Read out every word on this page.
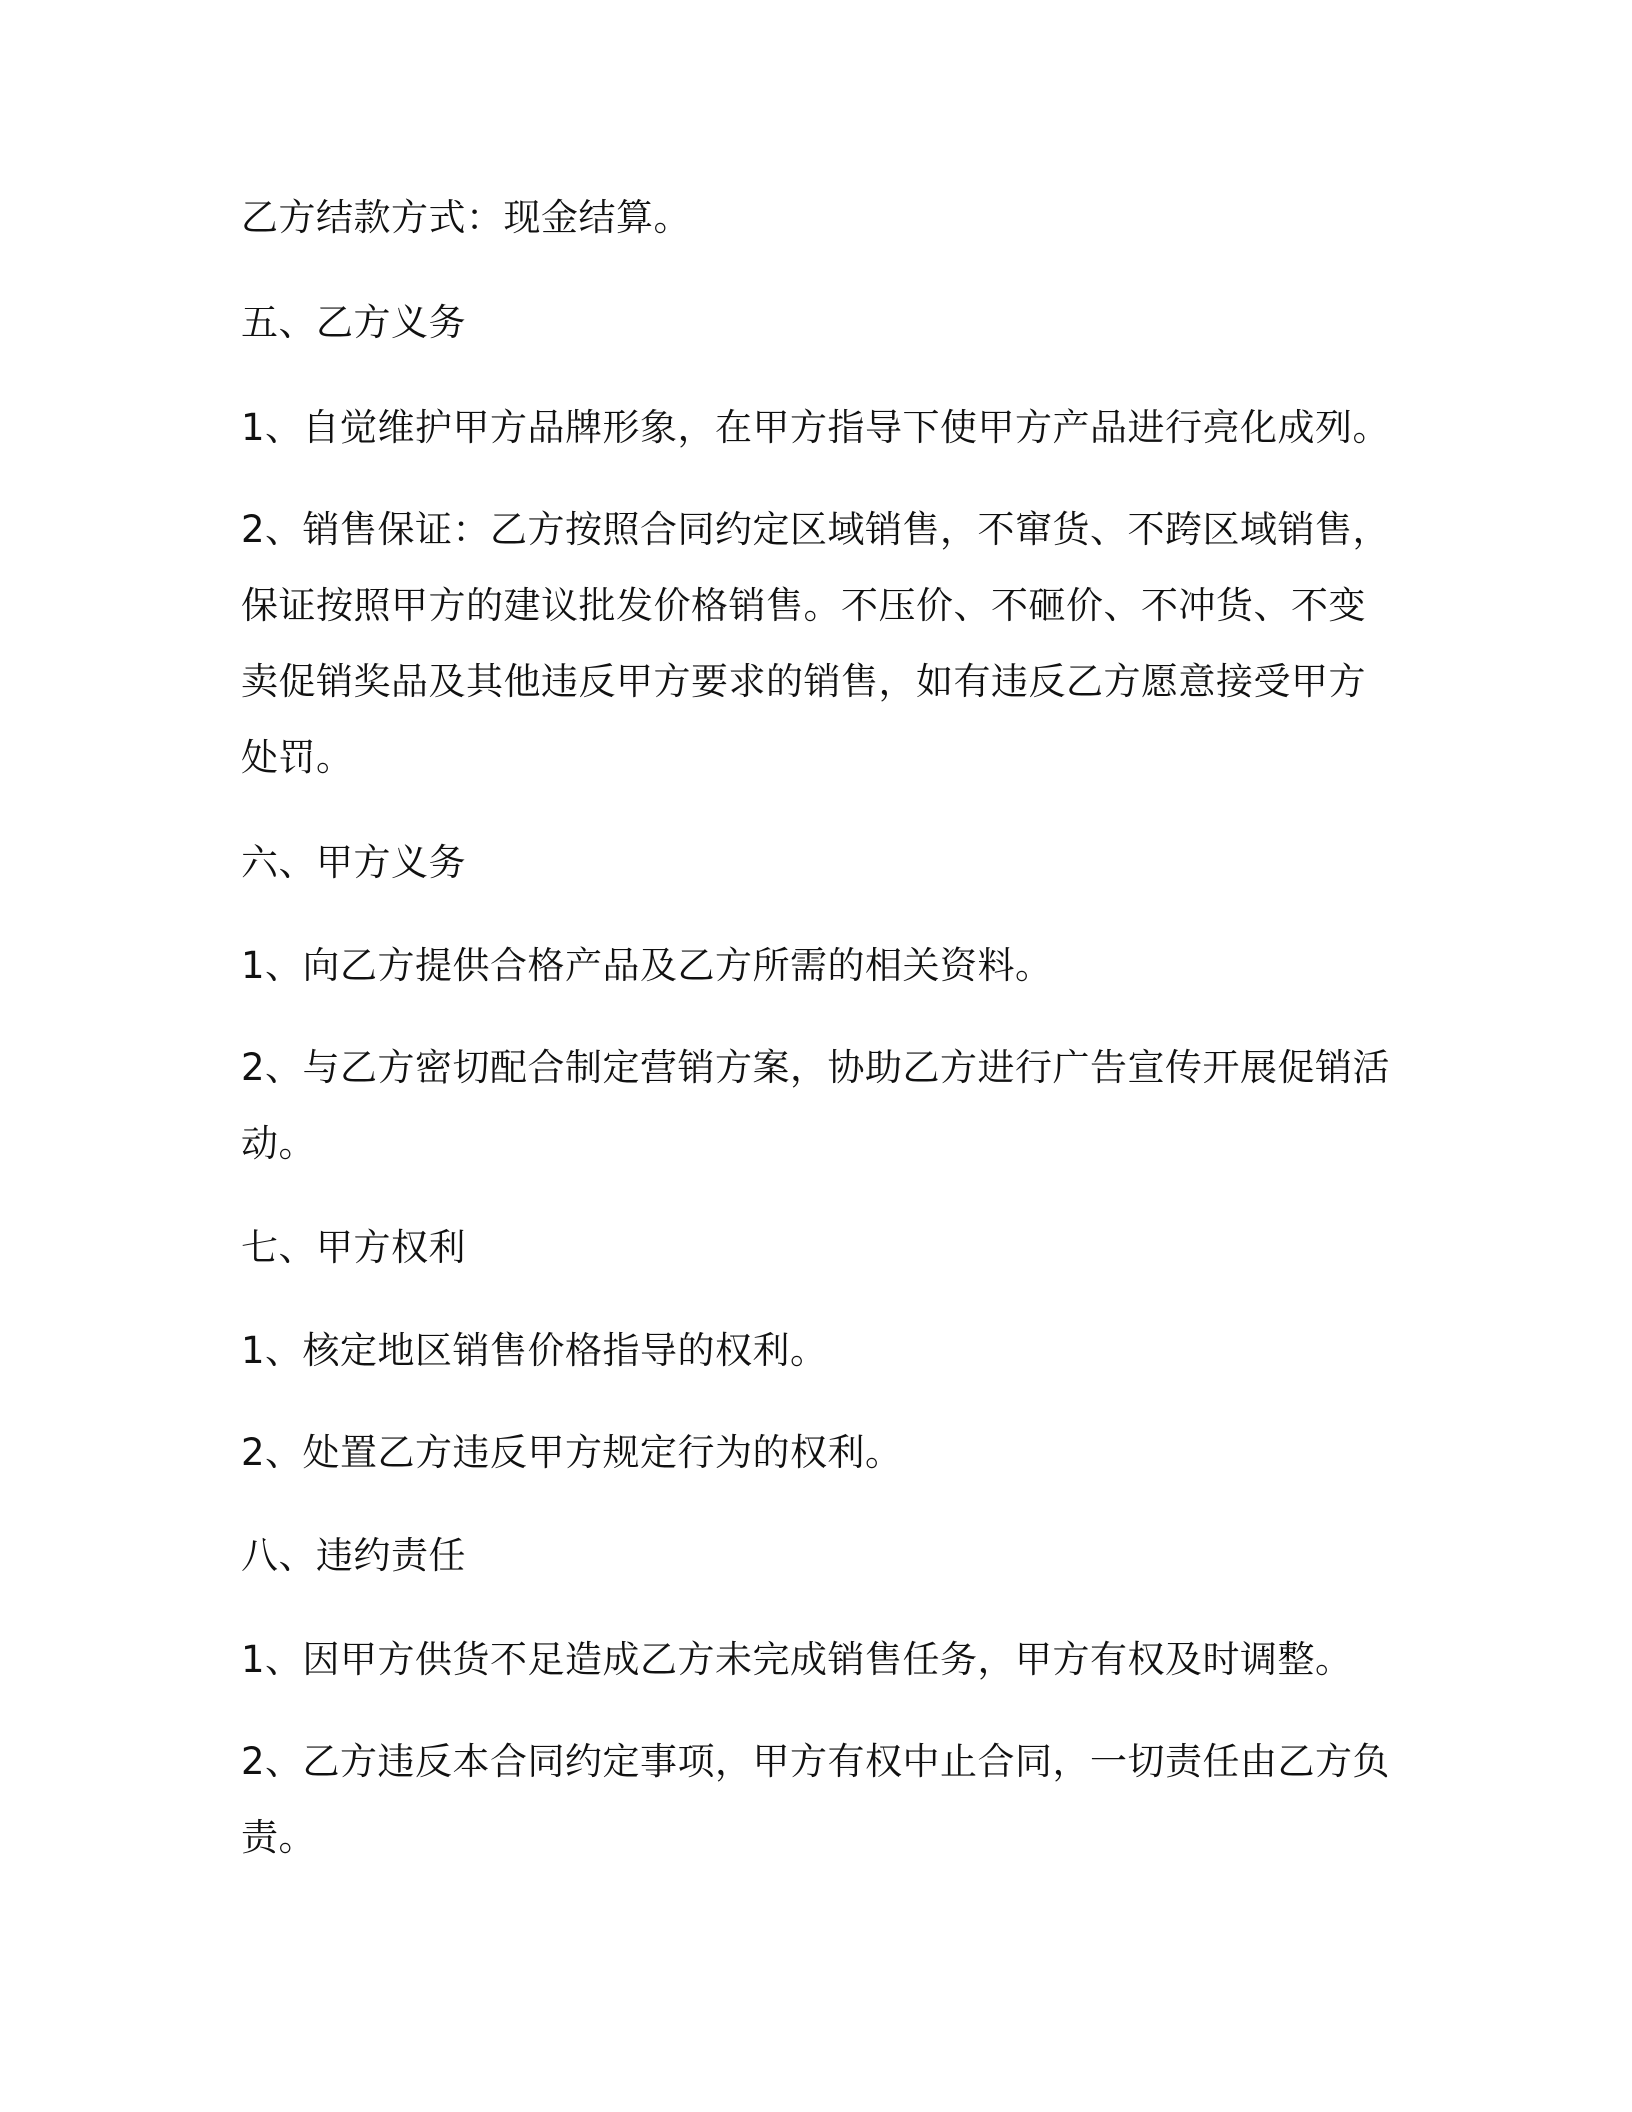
乙方结款方式：现金结算。

五、乙方义务

1、自觉维护甲方品牌形象，在甲方指导下使甲方产品进行亮化成列。

2、销售保证：乙方按照合同约定区域销售，不窜货、不跨区域销售，保证按照甲方的建议批发价格销售。不压价、不砸价、不冲货、不变卖促销奖品及其他违反甲方要求的销售，如有违反乙方愿意接受甲方处罚。

六、甲方义务

1、向乙方提供合格产品及乙方所需的相关资料。

2、与乙方密切配合制定营销方案，协助乙方进行广告宣传开展促销活动。

七、甲方权利

1、核定地区销售价格指导的权利。

2、处置乙方违反甲方规定行为的权利。

八、违约责任

1、因甲方供货不足造成乙方未完成销售任务，甲方有权及时调整。

2、乙方违反本合同约定事项，甲方有权中止合同，一切责任由乙方负责。
